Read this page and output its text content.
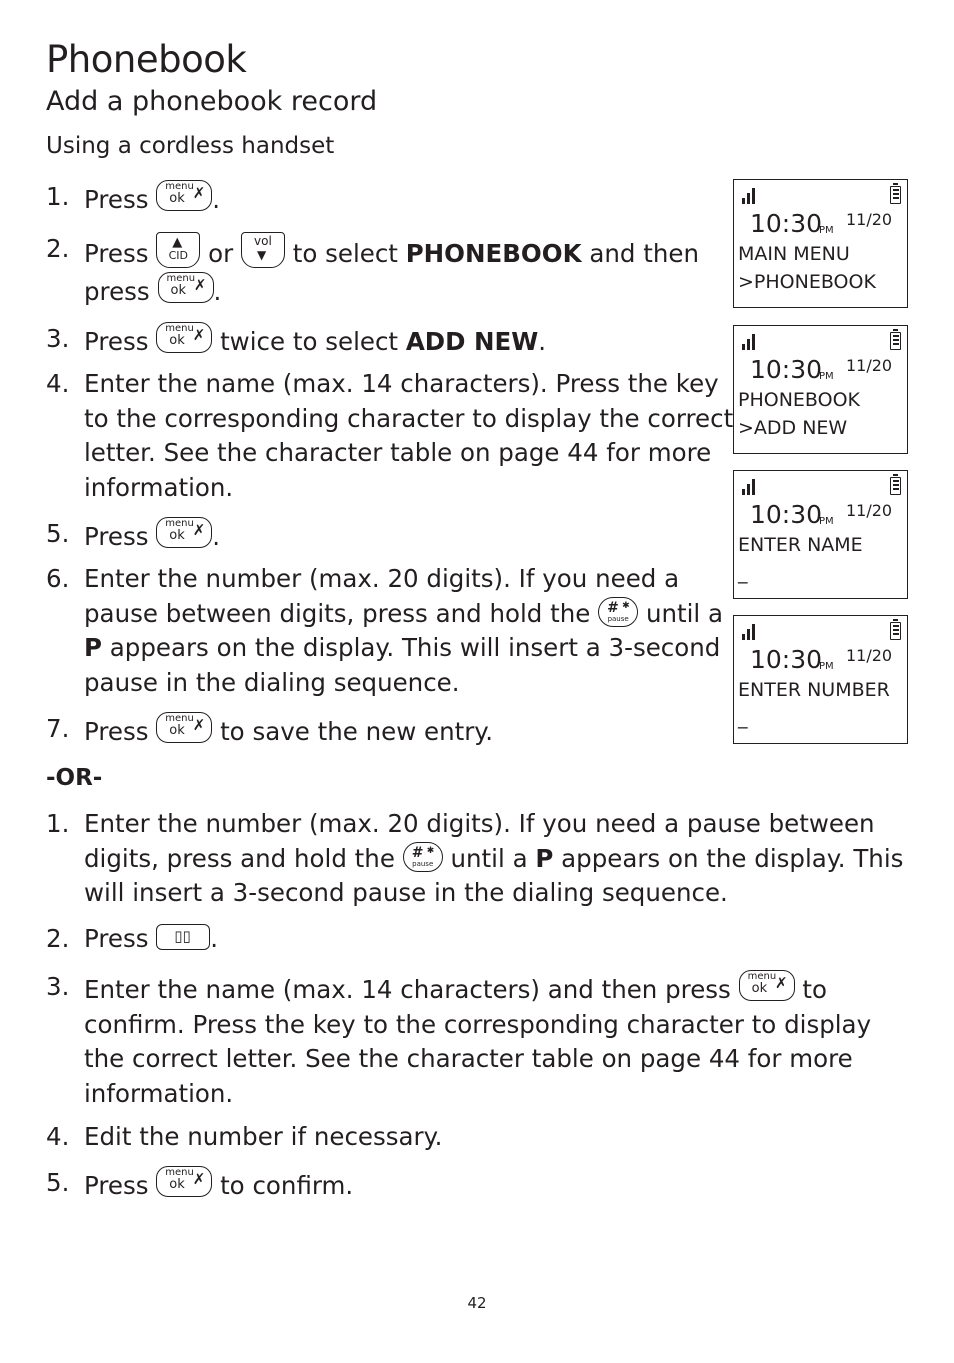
Phonebook
Add a phonebook record
Using a cordless handset
1. Press menu
ok ✗ .
2. Press ▲
CID or	vol
▼ to select PHONEBOOK and then press menu
ok ✗ .
3. Press menu
ok ✗ twice to select ADD NEW.
4. Enter the name (max. 14 characters). Press the key to the corresponding character to display the correct letter. See the character table on page 44 for more information.
5. Press menu
ok ✗ .
6. Enter the number (max. 20 digits). If you need a pause between digits, press and hold the # ✱
pause until a P appears on the display. This will insert a 3-second pause in the dialing sequence.
7. Press menu
ok ✗ to save the new entry.
-OR-
1. Enter the number (max. 20 digits). If you need a pause between digits, press and hold the # ✱
pause until a P appears on the display. This will insert a 3-second pause in the dialing sequence.
2. Press ▯▯ .
3. Enter the name (max. 14 characters) and then press menu
ok ✗ to confirm. Press the key to the corresponding character to display the correct letter. See the character table on page 44 for more information.
4. Edit the number if necessary.
5. Press menu
ok ✗ to confirm.
10:30
PM
11/20
MAIN MENU
>PHONEBOOK
10:30
PM
11/20
PHONEBOOK
>ADD NEW
10:30
PM
11/20
ENTER NAME
_
10:30
PM
11/20
ENTER NUMBER
_
42
